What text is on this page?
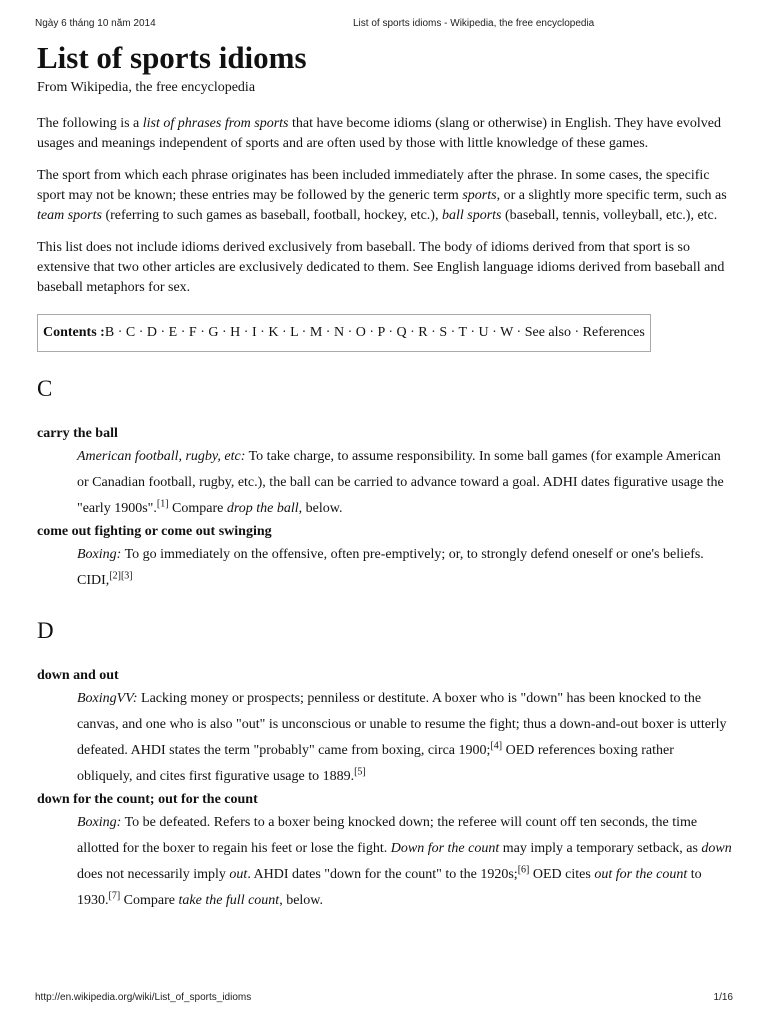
Ngày 6 tháng 10 năm 2014	List of sports idioms - Wikipedia, the free encyclopedia
List of sports idioms
From Wikipedia, the free encyclopedia

The following is a list of phrases from sports that have become idioms (slang or otherwise) in English. They have evolved usages and meanings independent of sports and are often used by those with little knowledge of these games.

The sport from which each phrase originates has been included immediately after the phrase. In some cases, the specific sport may not be known; these entries may be followed by the generic term sports, or a slightly more specific term, such as team sports (referring to such games as baseball, football, hockey, etc.), ball sports (baseball, tennis, volleyball, etc.), etc.

This list does not include idioms derived exclusively from baseball. The body of idioms derived from that sport is so extensive that two other articles are exclusively dedicated to them. See English language idioms derived from baseball and baseball metaphors for sex.

Contents :B · C · D · E · F · G · H · I · K · L · M · N · O · P · Q · R · S · T · U · W · See also · References
C
carry the ball
American football, rugby, etc: To take charge, to assume responsibility. In some ball games (for example American or Canadian football, rugby, etc.), the ball can be carried to advance toward a goal. ADHI dates figurative usage the "early 1900s".[1] Compare drop the ball, below.
come out fighting or come out swinging
Boxing: To go immediately on the offensive, often pre-emptively; or, to strongly defend oneself or one's beliefs. CIDI,[2][3]
D
down and out
BoxingVV: Lacking money or prospects; penniless or destitute. A boxer who is "down" has been knocked to the canvas, and one who is also "out" is unconscious or unable to resume the fight; thus a down-and-out boxer is utterly defeated. AHDI states the term "probably" came from boxing, circa 1900;[4] OED references boxing rather obliquely, and cites first figurative usage to 1889.[5]
down for the count; out for the count
Boxing: To be defeated. Refers to a boxer being knocked down; the referee will count off ten seconds, the time allotted for the boxer to regain his feet or lose the fight. Down for the count may imply a temporary setback, as down does not necessarily imply out. AHDI dates "down for the count" to the 1920s;[6] OED cites out for the count to 1930.[7] Compare take the full count, below.
http://en.wikipedia.org/wiki/List_of_sports_idioms	1/16
